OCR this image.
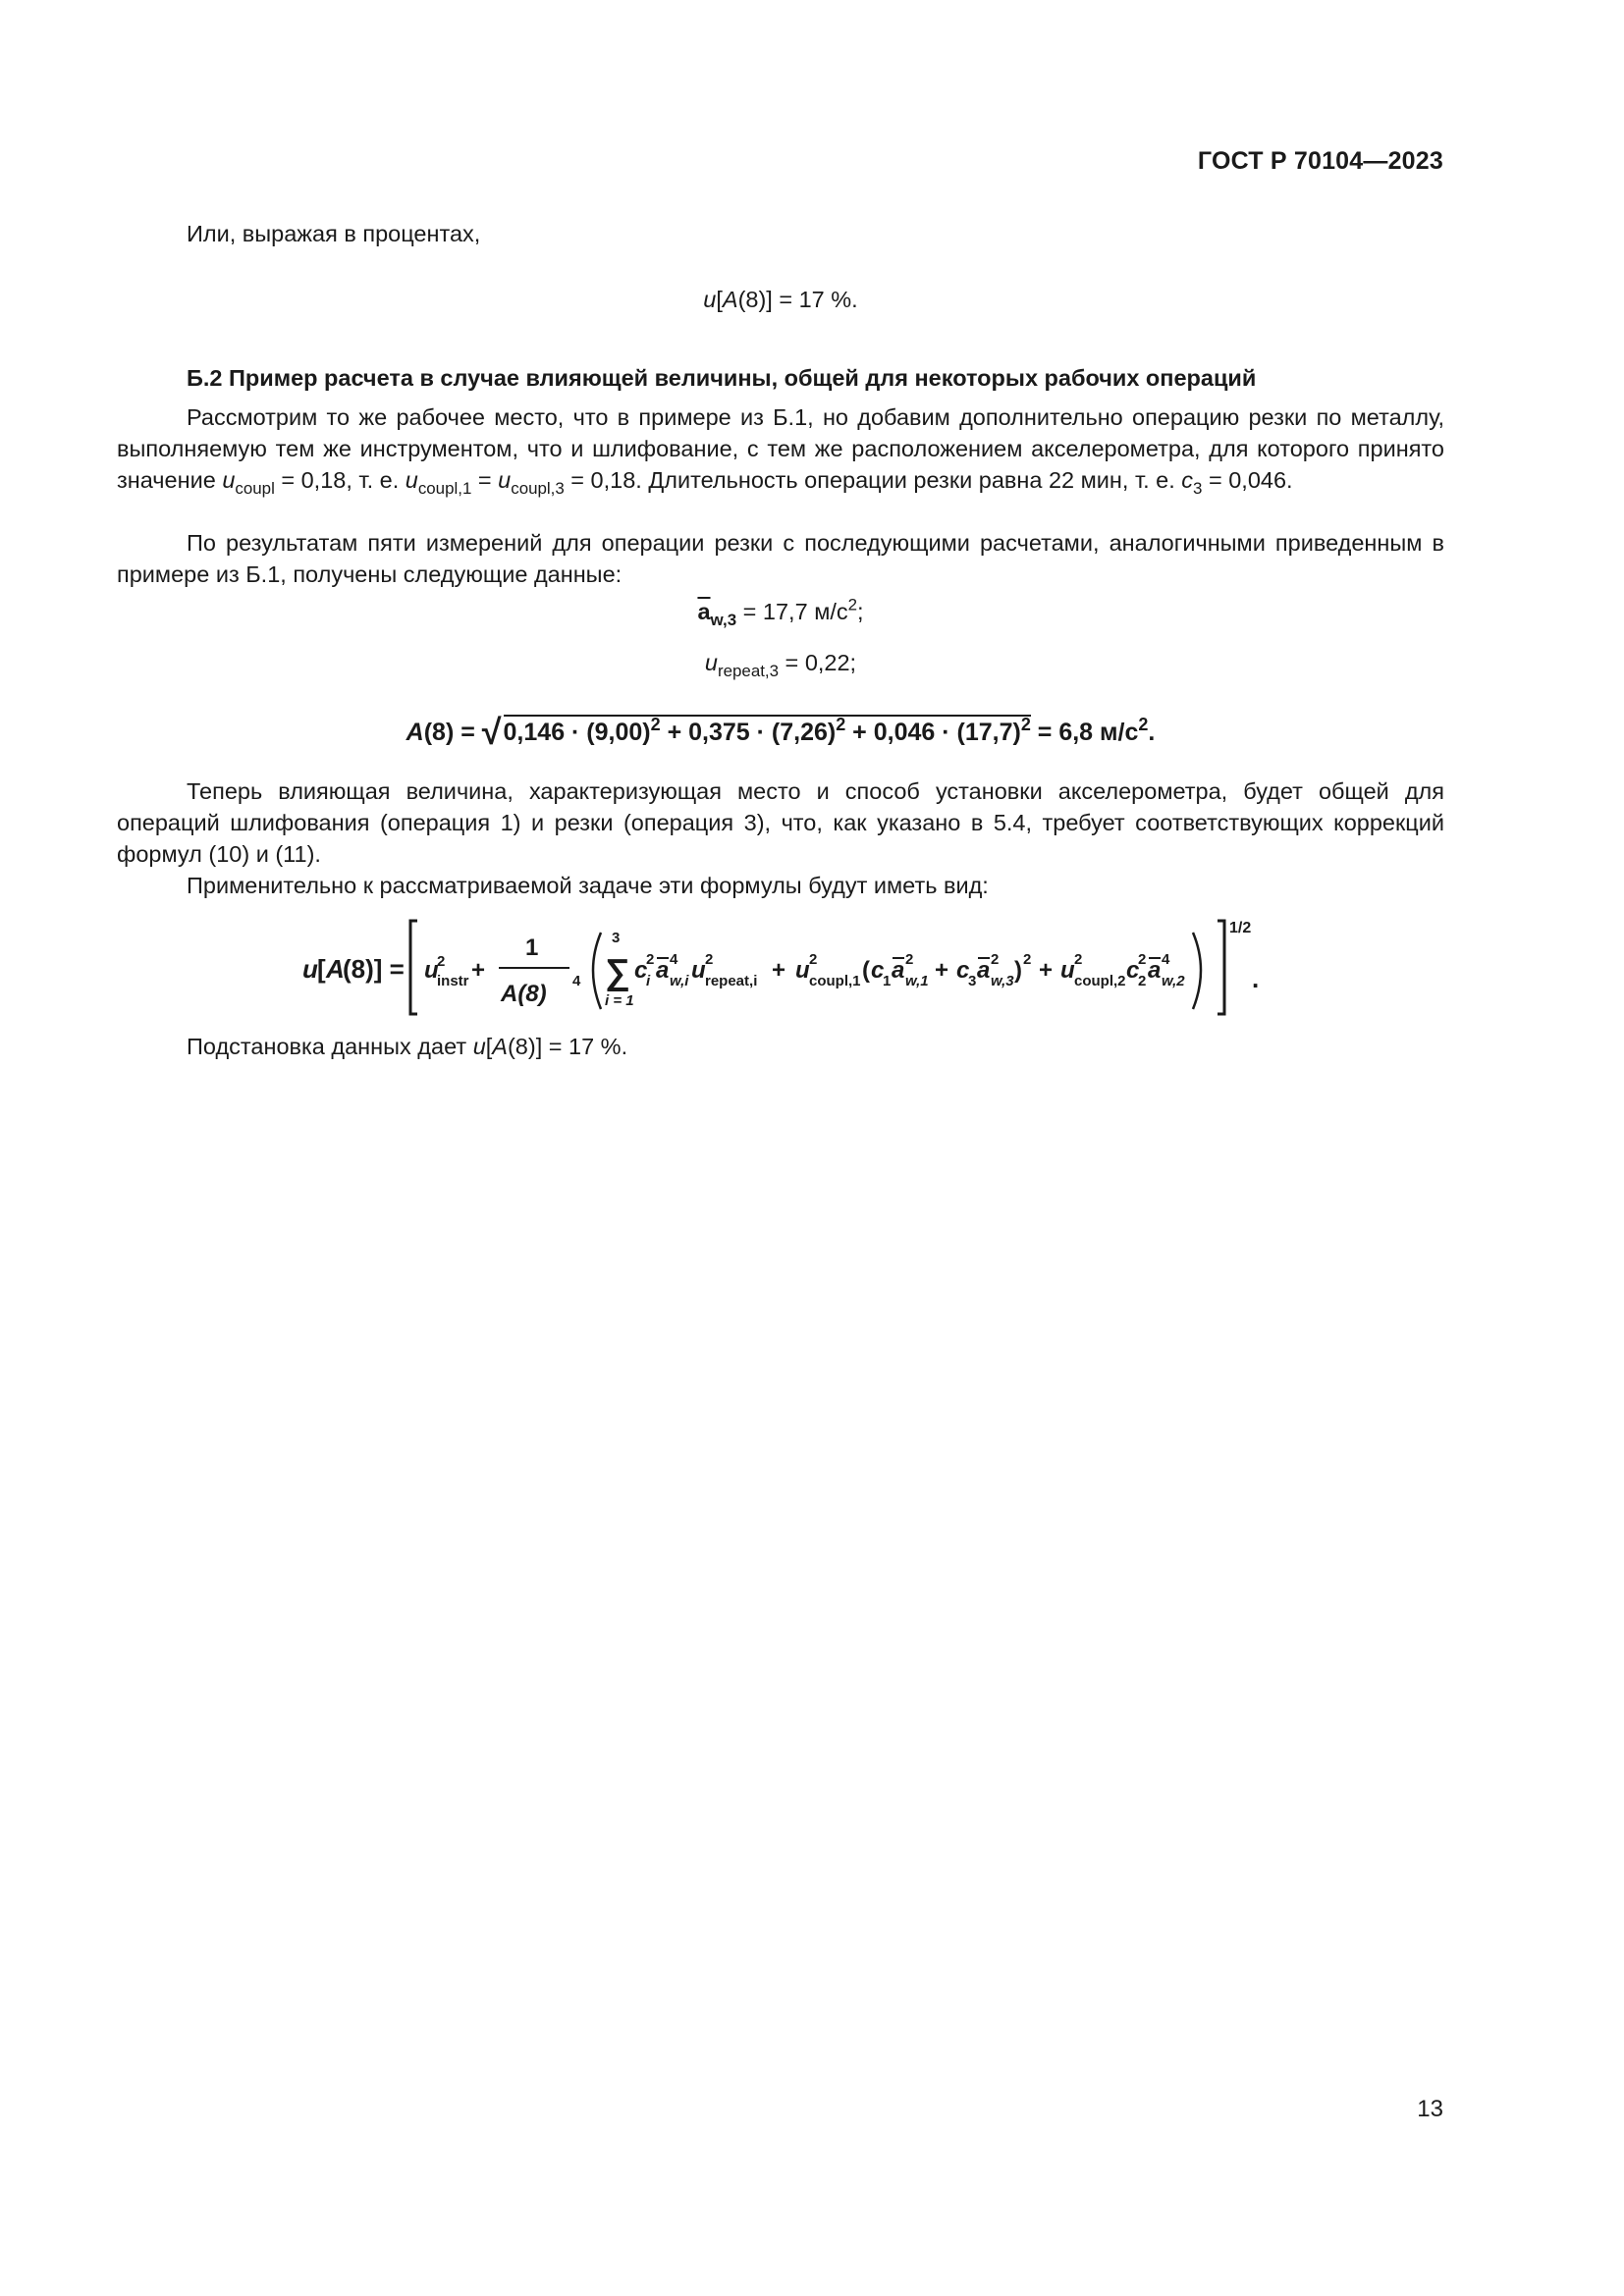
ГОСТ Р 70104—2023
Или, выражая в процентах,
u[A(8)] = 17 %.
Б.2 Пример расчета в случае влияющей величины, общей для некоторых рабочих операций
Рассмотрим то же рабочее место, что в примере из Б.1, но добавим дополнительно операцию резки по металлу, выполняемую тем же инструментом, что и шлифование, с тем же расположением акселерометра, для которого принято значение $u_{coupl} = 0,18$, т. е. $u_{coupl,1} = u_{coupl,3} = 0,18$. Длительность операции резки равна 22 мин, т. е. $c_3 = 0,046$.
По результатам пяти измерений для операции резки с последующими расчетами, аналогичными приведенным в примере из Б.1, получены следующие данные:
$\overline{a}_{w,3} = 17,7$ $м/с^2$;
$u_{repeat,3} = 0,22$;
$A(8) = √0,146 \cdot (9,00)^2 + 0,375 \cdot (7,26)^2 + 0,046 \cdot (17,7)^2 = 6,8$ $м/с^2$.
Теперь влияющая величина, характеризующая место и способ установки акселерометра, будет общей для операций шлифования (операция 1) и резки (операция 3), что, как указано в 5.4, требует соответствующих коррекций формул (10) и (11).
Применительно к рассматриваемой задаче эти формулы будут иметь вид:
u [ A
(8)] = u
2
instr +
1
A(8) 4
3
∑
i = 1
c
2
i a 4
w,i u 2
repeat,i + u 2
coupl,1 ( c
1 a 2
w,1 + c
3 a 2
w,3 ) 2 + u 2
coupl,2 c
2
2 a 4
w,2
1/2
.
Подстановка данных дает u[A(8)] = 17 %.
13
